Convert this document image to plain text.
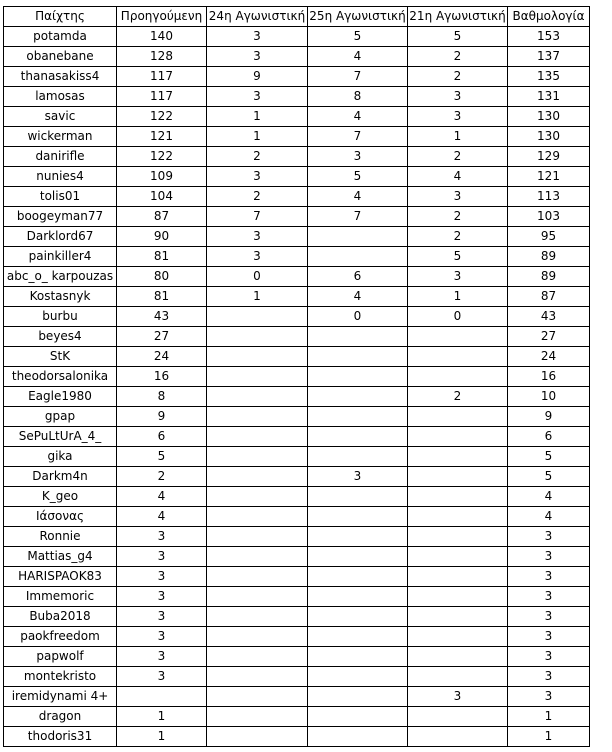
Παίχτης	Προηγούμενη	24η Αγωνιστική	25η Αγωνιστική	21η Αγωνιστική	Βαθμολογία
potamda	140	3	5	5	153
obanebane	128	3	4	2	137
thanasakiss4	117	9	7	2	135
lamosas	117	3	8	3	131
savic	122	1	4	3	130
wickerman	121	1	7	1	130
danirifle	122	2	3	2	129
nunies4	109	3	5	4	121
tolis01	104	2	4	3	113
boogeyman77	87	7	7	2	103
Darklord67	90	3		2	95
painkiller4	81	3		5	89
abc_o_ karpouzas	80	0	6	3	89
Kostasnyk	81	1	4	1	87
burbu	43		0	0	43
beyes4	27				27
StK	24				24
theodorsalonika	16				16
Eagle1980	8			2	10
gpap	9				9
SePuLtUrA_4_	6				6
gika	5				5
Darkm4n	2		3		5
K_geo	4				4
Ιάσονας	4				4
Ronnie	3				3
Mattias_g4	3				3
HARISPAOK83	3				3
Immemoric	3				3
Buba2018	3				3
paokfreedom	3				3
papwolf	3				3
montekristo	3				3
iremidynami 4+				3	3
dragon	1				1
thodoris31	1				1
